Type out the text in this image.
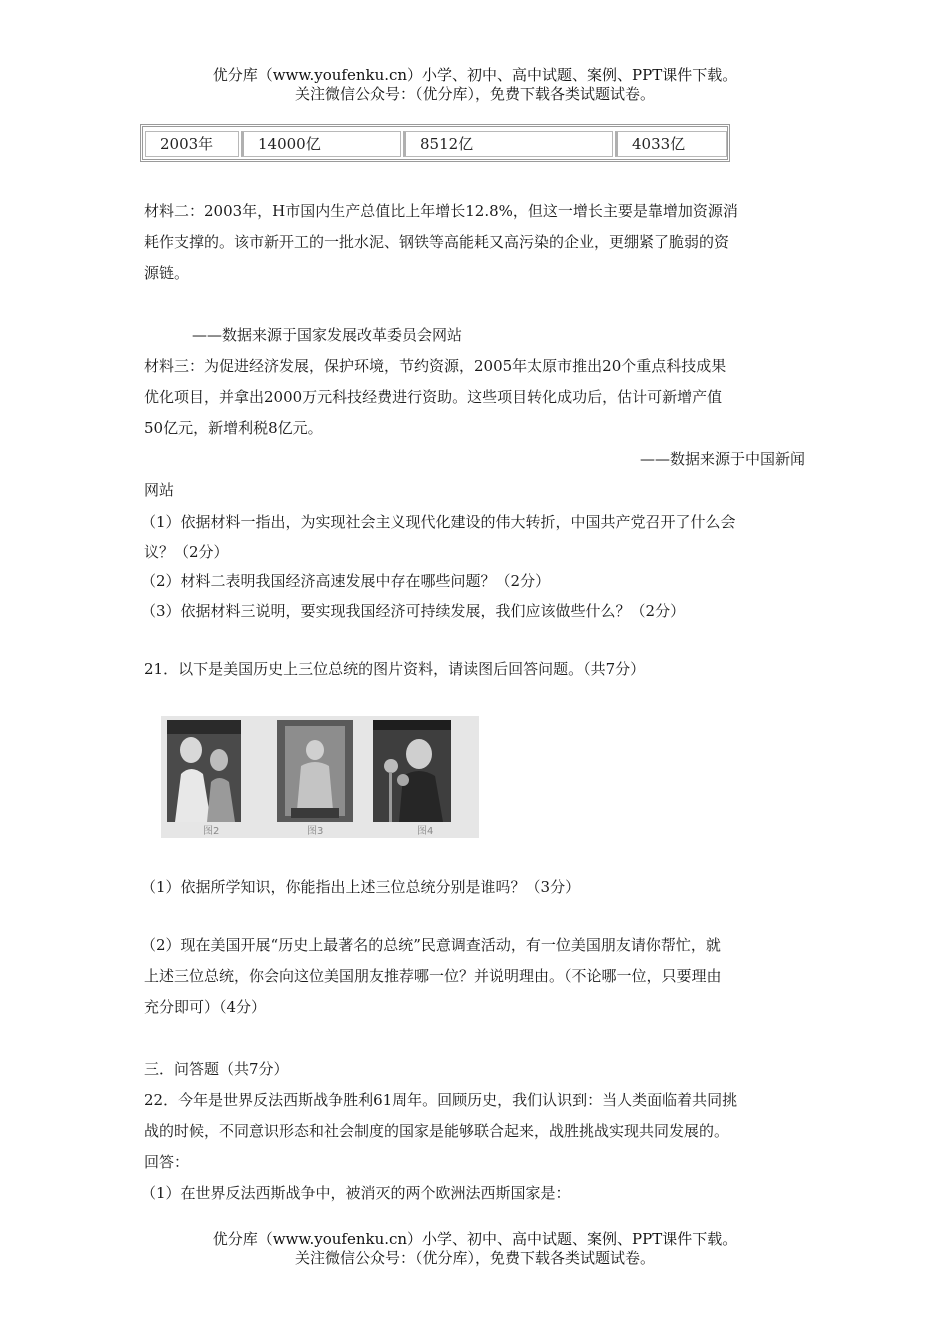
优分库（www.youfenku.cn）小学、初中、高中试题、案例、PPT课件下载。
关注微信公众号：（优分库），免费下载各类试题试卷。
2003年	14000亿	8512亿	4033亿
材料二：2003年，H市国内生产总值比上年增长12.8%，但这一增长主要是靠增加资源消
耗作支撑的。该市新开工的一批水泥、钢铁等高能耗又高污染的企业，更绷紧了脆弱的资
源链。
——数据来源于国家发展改革委员会网站
材料三：为促进经济发展，保护环境，节约资源，2005年太原市推出20个重点科技成果
优化项目，并拿出2000万元科技经费进行资助。这些项目转化成功后，估计可新增产值
50亿元，新增利税8亿元。
——数据来源于中国新闻
网站
（1）依据材料一指出，为实现社会主义现代化建设的伟大转折，中国共产党召开了什么会
议？（2分）
（2）材料二表明我国经济高速发展中存在哪些问题？（2分）
（3）依据材料三说明，要实现我国经济可持续发展，我们应该做些什么？（2分）
21．以下是美国历史上三位总统的图片资料，请读图后回答问题。（共7分）
图2	图3	图4
（1）依据所学知识，你能指出上述三位总统分别是谁吗？（3分）
（2）现在美国开展“历史上最著名的总统”民意调查活动，有一位美国朋友请你帮忙，就
上述三位总统，你会向这位美国朋友推荐哪一位？并说明理由。（不论哪一位，只要理由
充分即可）（4分）
三．问答题（共7分）
22．今年是世界反法西斯战争胜利61周年。回顾历史，我们认识到：当人类面临着共同挑
战的时候，不同意识形态和社会制度的国家是能够联合起来，战胜挑战实现共同发展的。
回答：
（1）在世界反法西斯战争中，被消灭的两个欧洲法西斯国家是：
优分库（www.youfenku.cn）小学、初中、高中试题、案例、PPT课件下载。
关注微信公众号：（优分库），免费下载各类试题试卷。
